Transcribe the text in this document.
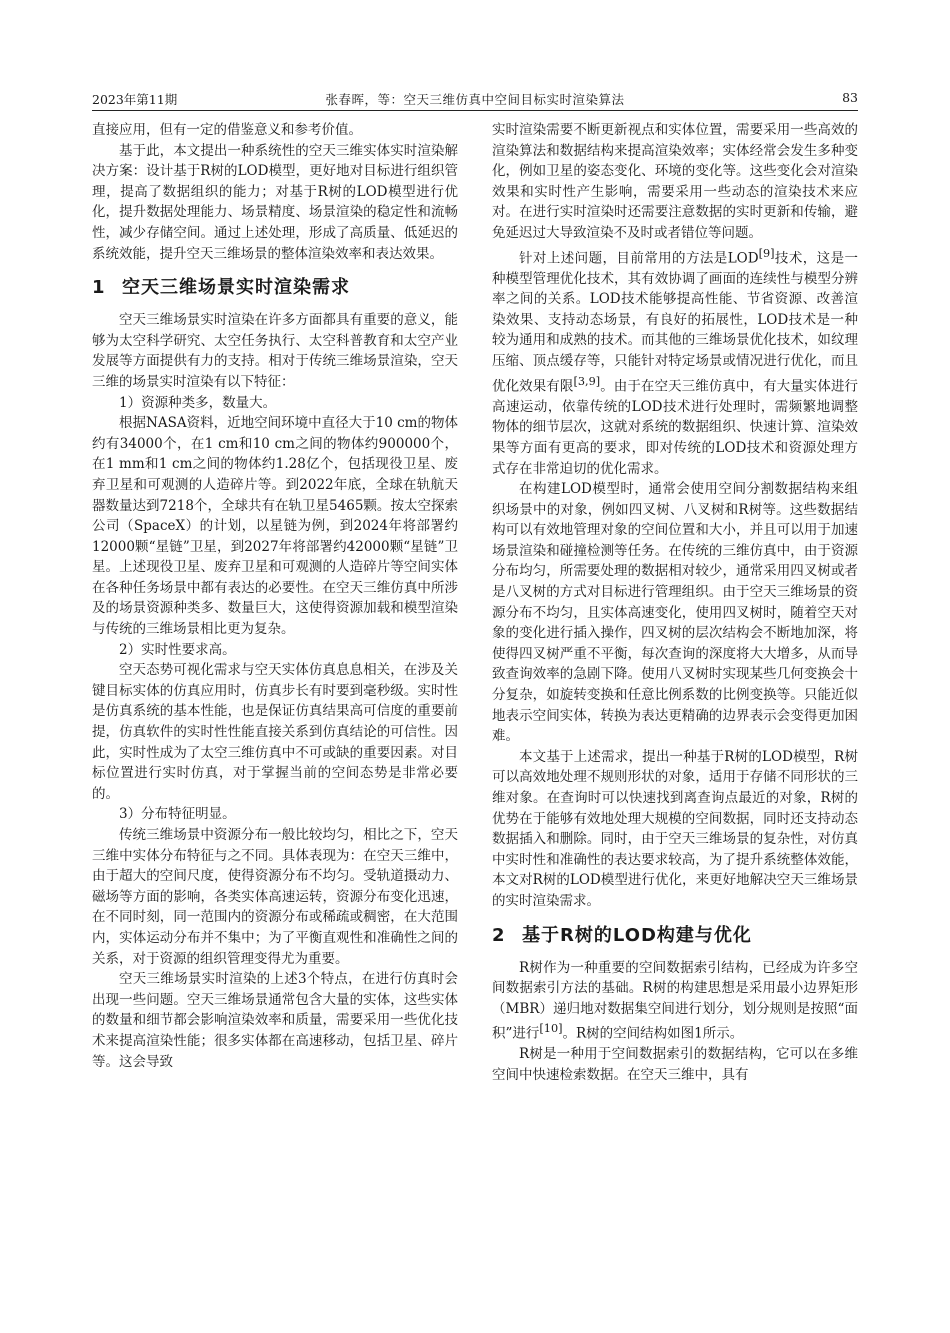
2023年第11期	张春晖，等：空天三维仿真中空间目标实时渲染算法	83

直接应用，但有一定的借鉴意义和参考价值。

基于此，本文提出一种系统性的空天三维实体实时渲染解决方案：设计基于R树的LOD模型，更好地对目标进行组织管理，提高了数据组织的能力；对基于R树的LOD模型进行优化，提升数据处理能力、场景精度、场景渲染的稳定性和流畅性，减少存储空间。通过上述处理，形成了高质量、低延迟的系统效能，提升空天三维场景的整体渲染效率和表达效果。

1 空天三维场景实时渲染需求

空天三维场景实时渲染在许多方面都具有重要的意义，能够为太空科学研究、太空任务执行、太空科普教育和太空产业发展等方面提供有力的支持。相对于传统三维场景渲染，空天三维的场景实时渲染有以下特征：

1）资源种类多，数量大。

根据NASA资料，近地空间环境中直径大于10 cm的物体约有34000个，在1 cm和10 cm之间的物体约900000个，在1 mm和1 cm之间的物体约1.28亿个，包括现役卫星、废弃卫星和可观测的人造碎片等。到2022年底，全球在轨航天器数量达到7218个，全球共有在轨卫星5465颗。按太空探索公司（SpaceX）的计划，以星链为例，到2024年将部署约12000颗“星链”卫星，到2027年将部署约42000颗“星链”卫星。上述现役卫星、废弃卫星和可观测的人造碎片等空间实体在各种任务场景中都有表达的必要性。在空天三维仿真中所涉及的场景资源种类多、数量巨大，这使得资源加载和模型渲染与传统的三维场景相比更为复杂。

2）实时性要求高。

空天态势可视化需求与空天实体仿真息息相关，在涉及关键目标实体的仿真应用时，仿真步长有时要到毫秒级。实时性是仿真系统的基本性能，也是保证仿真结果高可信度的重要前提，仿真软件的实时性性能直接关系到仿真结论的可信性。因此，实时性成为了太空三维仿真中不可或缺的重要因素。对目标位置进行实时仿真，对于掌握当前的空间态势是非常必要的。

3）分布特征明显。

传统三维场景中资源分布一般比较均匀，相比之下，空天三维中实体分布特征与之不同。具体表现为：在空天三维中，由于超大的空间尺度，使得资源分布不均匀。受轨道摄动力、磁场等方面的影响，各类实体高速运转，资源分布变化迅速，在不同时刻，同一范围内的资源分布或稀疏或稠密，在大范围内，实体运动分布并不集中；为了平衡直观性和准确性之间的关系，对于资源的组织管理变得尤为重要。

空天三维场景实时渲染的上述3个特点，在进行仿真时会出现一些问题。空天三维场景通常包含大量的实体，这些实体的数量和细节都会影响渲染效率和质量，需要采用一些优化技术来提高渲染性能；很多实体都在高速移动，包括卫星、碎片等。这会导致

实时渲染需要不断更新视点和实体位置，需要采用一些高效的渲染算法和数据结构来提高渲染效率；实体经常会发生多种变化，例如卫星的姿态变化、环境的变化等。这些变化会对渲染效果和实时性产生影响，需要采用一些动态的渲染技术来应对。在进行实时渲染时还需要注意数据的实时更新和传输，避免延迟过大导致渲染不及时或者错位等问题。

针对上述问题，目前常用的方法是LOD[9]技术，这是一种模型管理优化技术，其有效协调了画面的连续性与模型分辨率之间的关系。LOD技术能够提高性能、节省资源、改善渲染效果、支持动态场景，有良好的拓展性，LOD技术是一种较为通用和成熟的技术。而其他的三维场景优化技术，如纹理压缩、顶点缓存等，只能针对特定场景或情况进行优化，而且优化效果有限[3,9]。由于在空天三维仿真中，有大量实体进行高速运动，依靠传统的LOD技术进行处理时，需频繁地调整物体的细节层次，这就对系统的数据组织、快速计算、渲染效果等方面有更高的要求，即对传统的LOD技术和资源处理方式存在非常迫切的优化需求。

在构建LOD模型时，通常会使用空间分割数据结构来组织场景中的对象，例如四叉树、八叉树和R树等。这些数据结构可以有效地管理对象的空间位置和大小，并且可以用于加速场景渲染和碰撞检测等任务。在传统的三维仿真中，由于资源分布均匀，所需要处理的数据相对较少，通常采用四叉树或者是八叉树的方式对目标进行管理组织。由于空天三维场景的资源分布不均匀，且实体高速变化，使用四叉树时，随着空天对象的变化进行插入操作，四叉树的层次结构会不断地加深，将使得四叉树严重不平衡，每次查询的深度将大大增多，从而导致查询效率的急剧下降。使用八叉树时实现某些几何变换会十分复杂，如旋转变换和任意比例系数的比例变换等。只能近似地表示空间实体，转换为表达更精确的边界表示会变得更加困难。

本文基于上述需求，提出一种基于R树的LOD模型，R树可以高效地处理不规则形状的对象，适用于存储不同形状的三维对象。在查询时可以快速找到离查询点最近的对象，R树的优势在于能够有效地处理大规模的空间数据，同时还支持动态数据插入和删除。同时，由于空天三维场景的复杂性，对仿真中实时性和准确性的表达要求较高，为了提升系统整体效能，本文对R树的LOD模型进行优化，来更好地解决空天三维场景的实时渲染需求。

2 基于R树的LOD构建与优化

R树作为一种重要的空间数据索引结构，已经成为许多空间数据索引方法的基础。R树的构建思想是采用最小边界矩形（MBR）递归地对数据集空间进行划分，划分规则是按照“面积”进行[10]。R树的空间结构如图1所示。

R树是一种用于空间数据索引的数据结构，它可以在多维空间中快速检索数据。在空天三维中，具有
